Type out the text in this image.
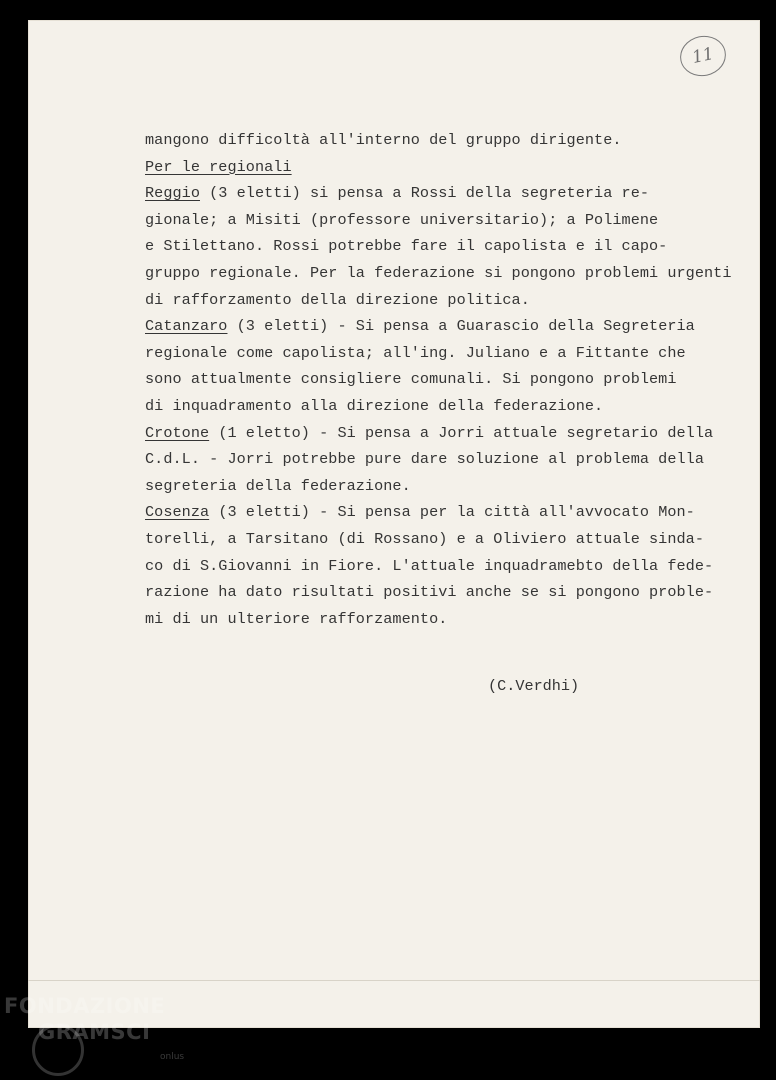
11
mangono difficoltà all'interno del gruppo dirigente.
Per le regionali
Reggio (3 eletti) si pensa a Rossi della segreteria re-
gionale; a Misiti (professore universitario); a Polimene
e Stilettano. Rossi potrebbe fare il capolista e il capo-
gruppo regionale. Per la federazione si pongono problemi urgenti
di rafforzamento della direzione politica.
Catanzaro (3 eletti) - Si pensa a Guarascio della Segreteria
regionale come capolista; all'ing. Juliano e a Fittante che
sono attualmente consigliere comunali. Si pongono problemi
di inquadramento alla direzione della federazione.
Crotone (1 eletto) - Si pensa a Jorri attuale segretario della
C.d.L. - Jorri potrebbe pure dare soluzione al problema della
segreteria della federazione.
Cosenza (3 eletti) - Si pensa per la città all'avvocato Mon-
torelli, a Tarsitano (di Rossano) e a Oliviero attuale sinda-
co di S.Giovanni in Fiore. L'attuale inquadramebto della fede-
razione ha dato risultati positivi anche se si pongono proble-
mi di un ulteriore rafforzamento.
(C.Verdhi)
FONDAZIONE
GRAMSCI
onlus
